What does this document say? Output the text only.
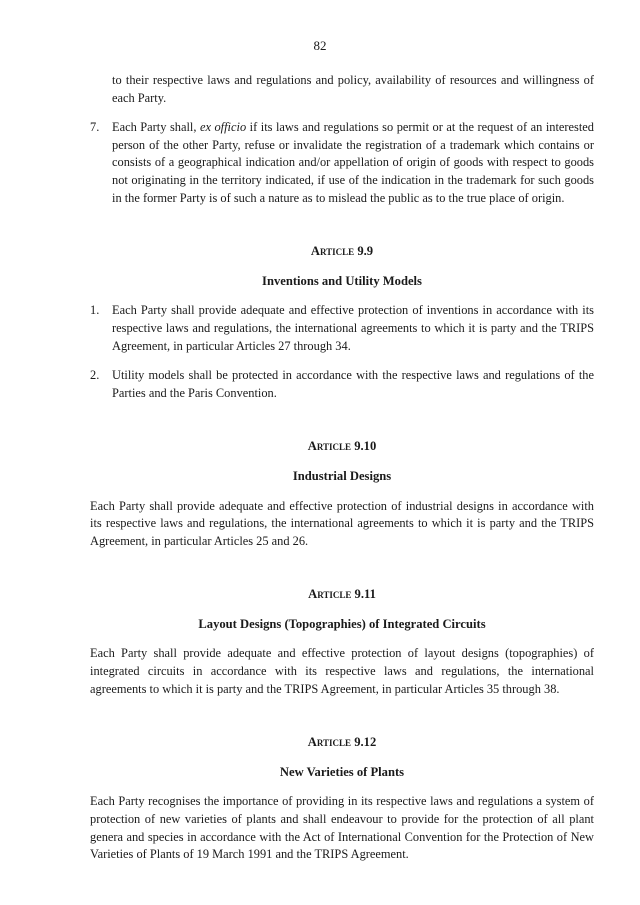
82

to their respective laws and regulations and policy, availability of resources and willingness of each Party.

7.	Each Party shall, ex officio if its laws and regulations so permit or at the request of an interested person of the other Party, refuse or invalidate the registration of a trademark which contains or consists of a geographical indication and/or appellation of origin of goods with respect to goods not originating in the territory indicated, if use of the indication in the trademark for such goods in the former Party is of such a nature as to mislead the public as to the true place of origin.
Article 9.9
Inventions and Utility Models
1.	Each Party shall provide adequate and effective protection of inventions in accordance with its respective laws and regulations, the international agreements to which it is party and the TRIPS Agreement, in particular Articles 27 through 34.
2.	Utility models shall be protected in accordance with the respective laws and regulations of the Parties and the Paris Convention.
Article 9.10
Industrial Designs

Each Party shall provide adequate and effective protection of industrial designs in accordance with its respective laws and regulations, the international agreements to which it is party and the TRIPS Agreement, in particular Articles 25 and 26.

Article 9.11
Layout Designs (Topographies) of Integrated Circuits

Each Party shall provide adequate and effective protection of layout designs (topographies) of integrated circuits in accordance with its respective laws and regulations, the international agreements to which it is party and the TRIPS Agreement, in particular Articles 35 through 38.

Article 9.12
New Varieties of Plants

Each Party recognises the importance of providing in its respective laws and regulations a system of protection of new varieties of plants and shall endeavour to provide for the protection of all plant genera and species in accordance with the Act of International Convention for the Protection of New Varieties of Plants of 19 March 1991 and the TRIPS Agreement.
